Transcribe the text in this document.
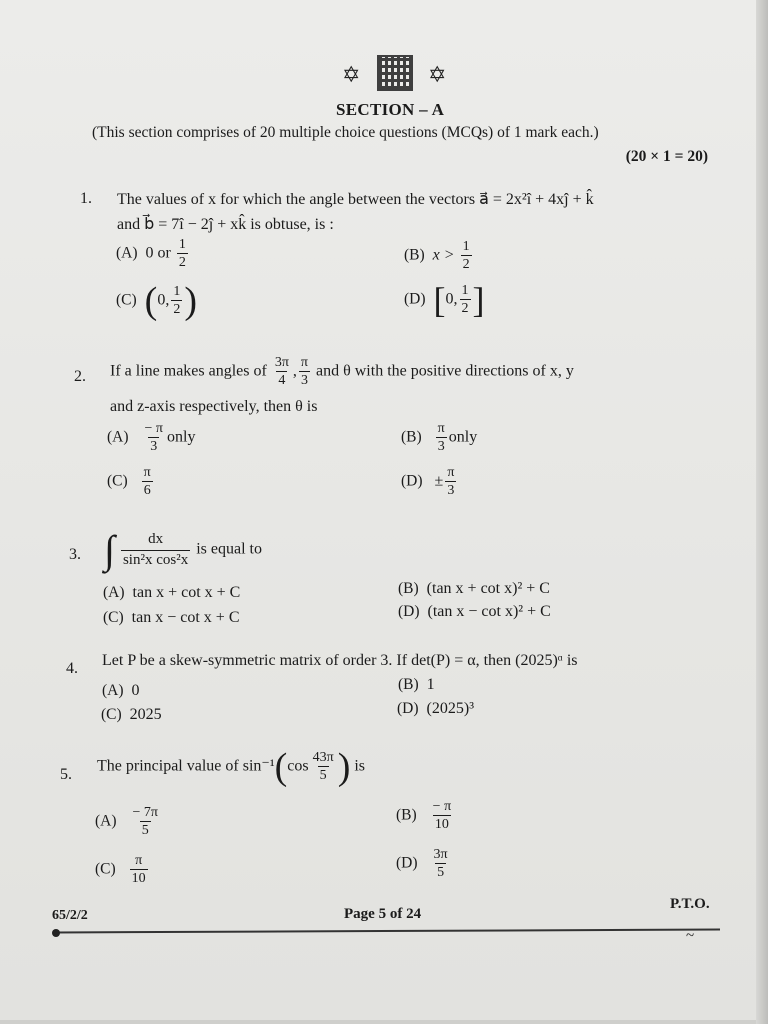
✡	✡
SECTION – A
(This section comprises of 20 multiple choice questions (MCQs) of 1 mark each.)
(20 × 1 = 20)
1. The values of x for which the angle between the vectors a⃗ = 2x²î + 4xĵ + k̂
and b⃗ = 7î − 2ĵ + xk̂ is obtuse, is :
(A) 0 or $\frac{1}{2}$	(B) $x > \frac{1}{2}$
(C) (0, $\frac{1}{2}$ )	(D) [0, $\frac{1}{2}$ ]
2. If a line makes angles of $\frac{3\pi}{4}$ , $\frac{\pi}{3}$ and θ with the positive directions of x, y
and z-axis respectively, then θ is
$(A) \frac{- \pi}{3}$ only	$(B) \frac{\pi}{3}$ only
$(C) \frac{\pi}{6}$	$(D) \pm \frac{\pi}{3}$
3. ∫ $\frac{dx}{\text{sin²x cos²x}}$ is equal to
(A) tan x + cot x + C	(B) (tan x + cot x)² + C
(C) tan x − cot x + C	(D) (tan x − cot x)² + C
4. Let P be a skew-symmetric matrix of order 3. If det(P) = α, then (2025)ᵅ is
(A) 0	(B) 1
(C) 2025	(D) (2025)³
5. The principal value of $\sin^{-1}(\cos \frac{43\pi}{5}$ ) is
$(A) \frac{- 7\pi}{5}$	$(B) \frac{- \pi}{10}$
$(C) \frac{\pi}{10}$	$(D) \frac{3\pi}{5}$
65/2/2	Page 5 of 24
P.T.O.
~
